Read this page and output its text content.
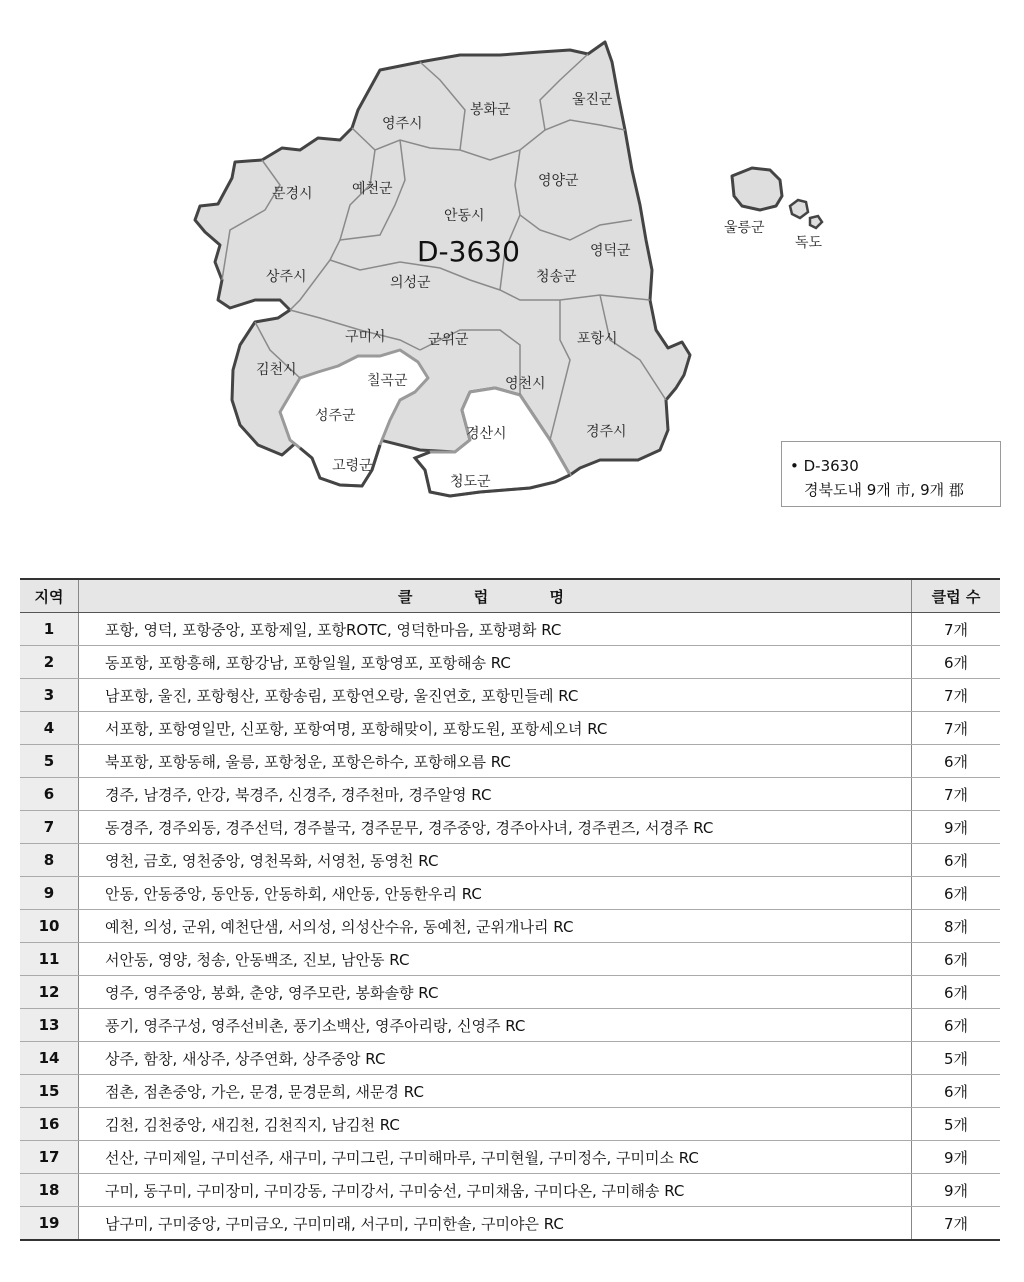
영주시
봉화군
울진군
문경시	예천군	영양군
안동시
상주시	의성군	청송군
영덕군
구미시	군위군	포항시
김천시
칠곡군	영천시
성주군
경산시	경주시
고령군
청도군
울릉군
독도
D-3630
• D-3630
경북도내 9개 市, 9개 郡
지역	클 럽 명	클럽 수
1	포항, 영덕, 포항중앙, 포항제일, 포항ROTC, 영덕한마음, 포항평화 RC	7개
2	동포항, 포항흥해, 포항강남, 포항일월, 포항영포, 포항해송 RC	6개
3	남포항, 울진, 포항형산, 포항송림, 포항연오랑, 울진연호, 포항민들레 RC	7개
4	서포항, 포항영일만, 신포항, 포항여명, 포항해맞이, 포항도원, 포항세오녀 RC	7개
5	북포항, 포항동해, 울릉, 포항청운, 포항은하수, 포항해오름 RC	6개
6	경주, 남경주, 안강, 북경주, 신경주, 경주천마, 경주알영 RC	7개
7	동경주, 경주외동, 경주선덕, 경주불국, 경주문무, 경주중앙, 경주아사녀, 경주퀸즈, 서경주 RC	9개
8	영천, 금호, 영천중앙, 영천목화, 서영천, 동영천 RC	6개
9	안동, 안동중앙, 동안동, 안동하회, 새안동, 안동한우리 RC	6개
10	예천, 의성, 군위, 예천단샘, 서의성, 의성산수유, 동예천, 군위개나리 RC	8개
11	서안동, 영양, 청송, 안동백조, 진보, 남안동 RC	6개
12	영주, 영주중앙, 봉화, 춘양, 영주모란, 봉화솔향 RC	6개
13	풍기, 영주구성, 영주선비촌, 풍기소백산, 영주아리랑, 신영주 RC	6개
14	상주, 함창, 새상주, 상주연화, 상주중앙 RC	5개
15	점촌, 점촌중앙, 가은, 문경, 문경문희, 새문경 RC	6개
16	김천, 김천중앙, 새김천, 김천직지, 남김천 RC	5개
17	선산, 구미제일, 구미선주, 새구미, 구미그린, 구미해마루, 구미현월, 구미정수, 구미미소 RC	9개
18	구미, 동구미, 구미장미, 구미강동, 구미강서, 구미숭선, 구미채움, 구미다온, 구미해송 RC	9개
19	남구미, 구미중앙, 구미금오, 구미미래, 서구미, 구미한솔, 구미야은 RC	7개
